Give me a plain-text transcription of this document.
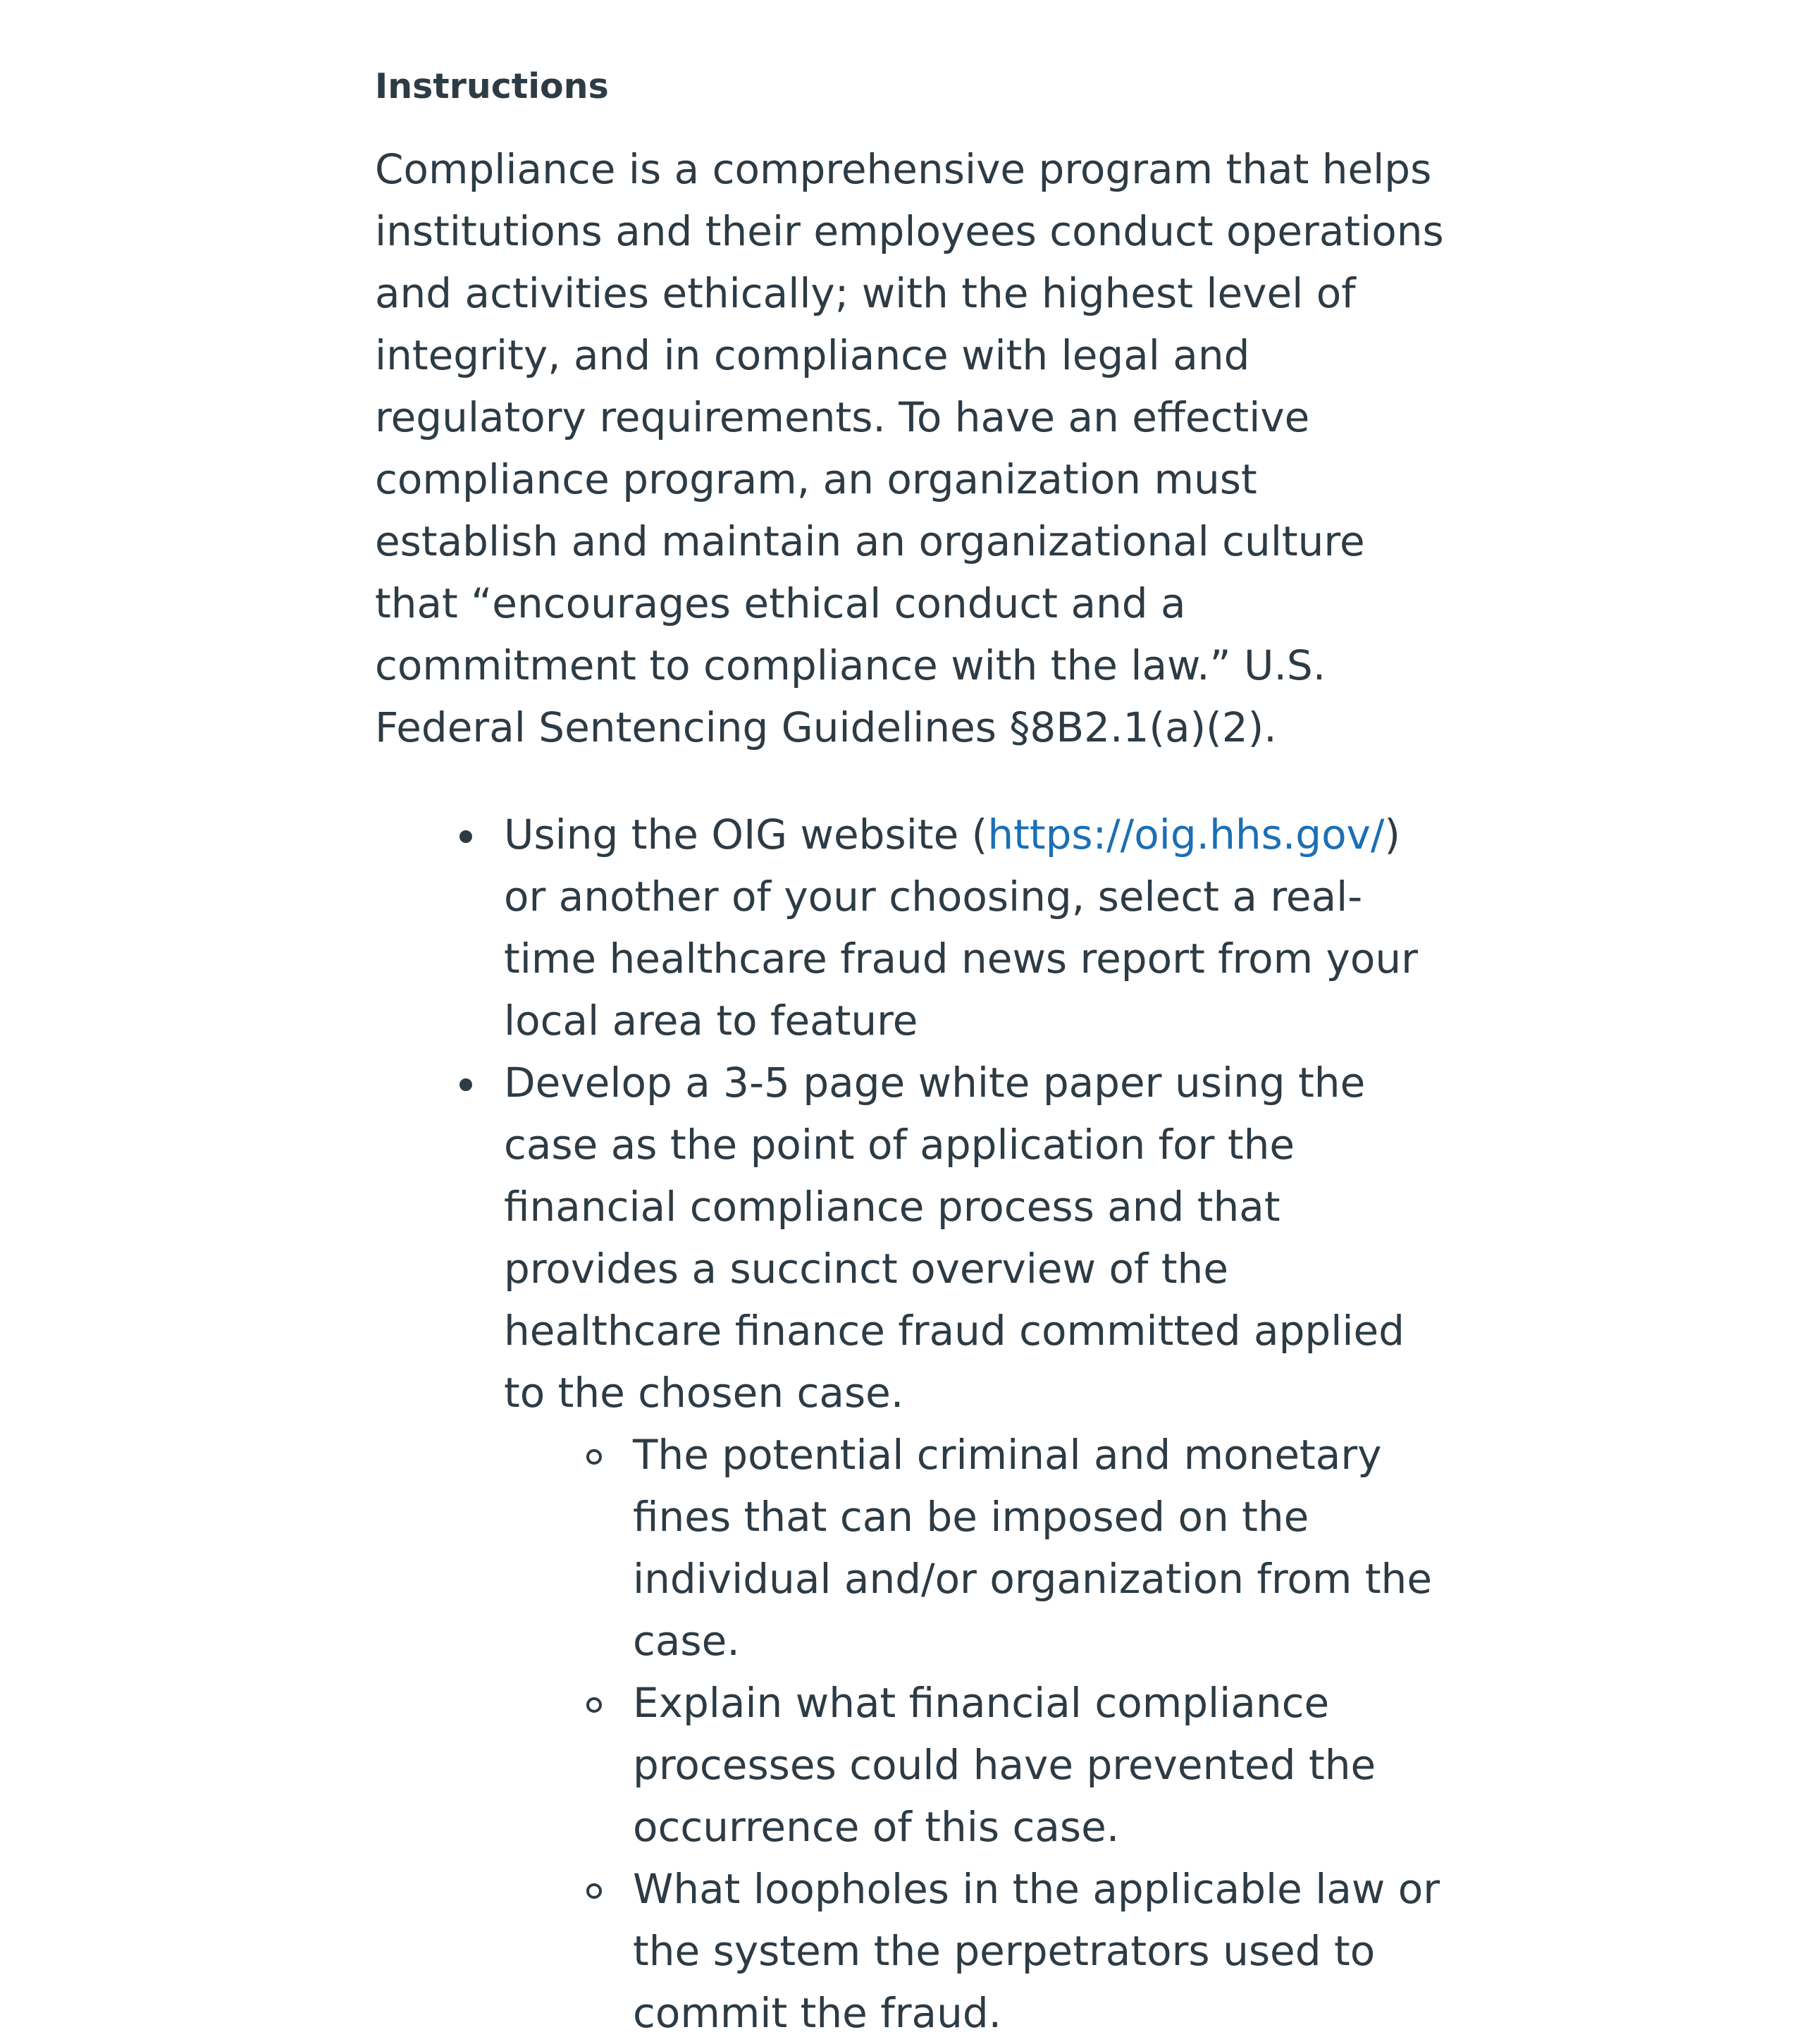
Instructions

Compliance is a comprehensive program that helps institutions and their employees conduct operations and activities ethically; with the highest level of integrity, and in compliance with legal and regulatory requirements. To have an effective compliance program, an organization must establish and maintain an organizational culture that “encourages ethical conduct and a commitment to compliance with the law.” U.S. Federal Sentencing Guidelines §8B2.1(a)(2).

Using the OIG website (https://oig.hhs.gov/) or another of your choosing, select a real-time healthcare fraud news report from your local area to feature
Develop a 3-5 page white paper using the case as the point of application for the financial compliance process and that provides a succinct overview of the healthcare finance fraud committed applied to the chosen case.
The potential criminal and monetary fines that can be imposed on the individual and/or organization from the case.
Explain what financial compliance processes could have prevented the occurrence of this case.
What loopholes in the applicable law or the system the perpetrators used to commit the fraud.
